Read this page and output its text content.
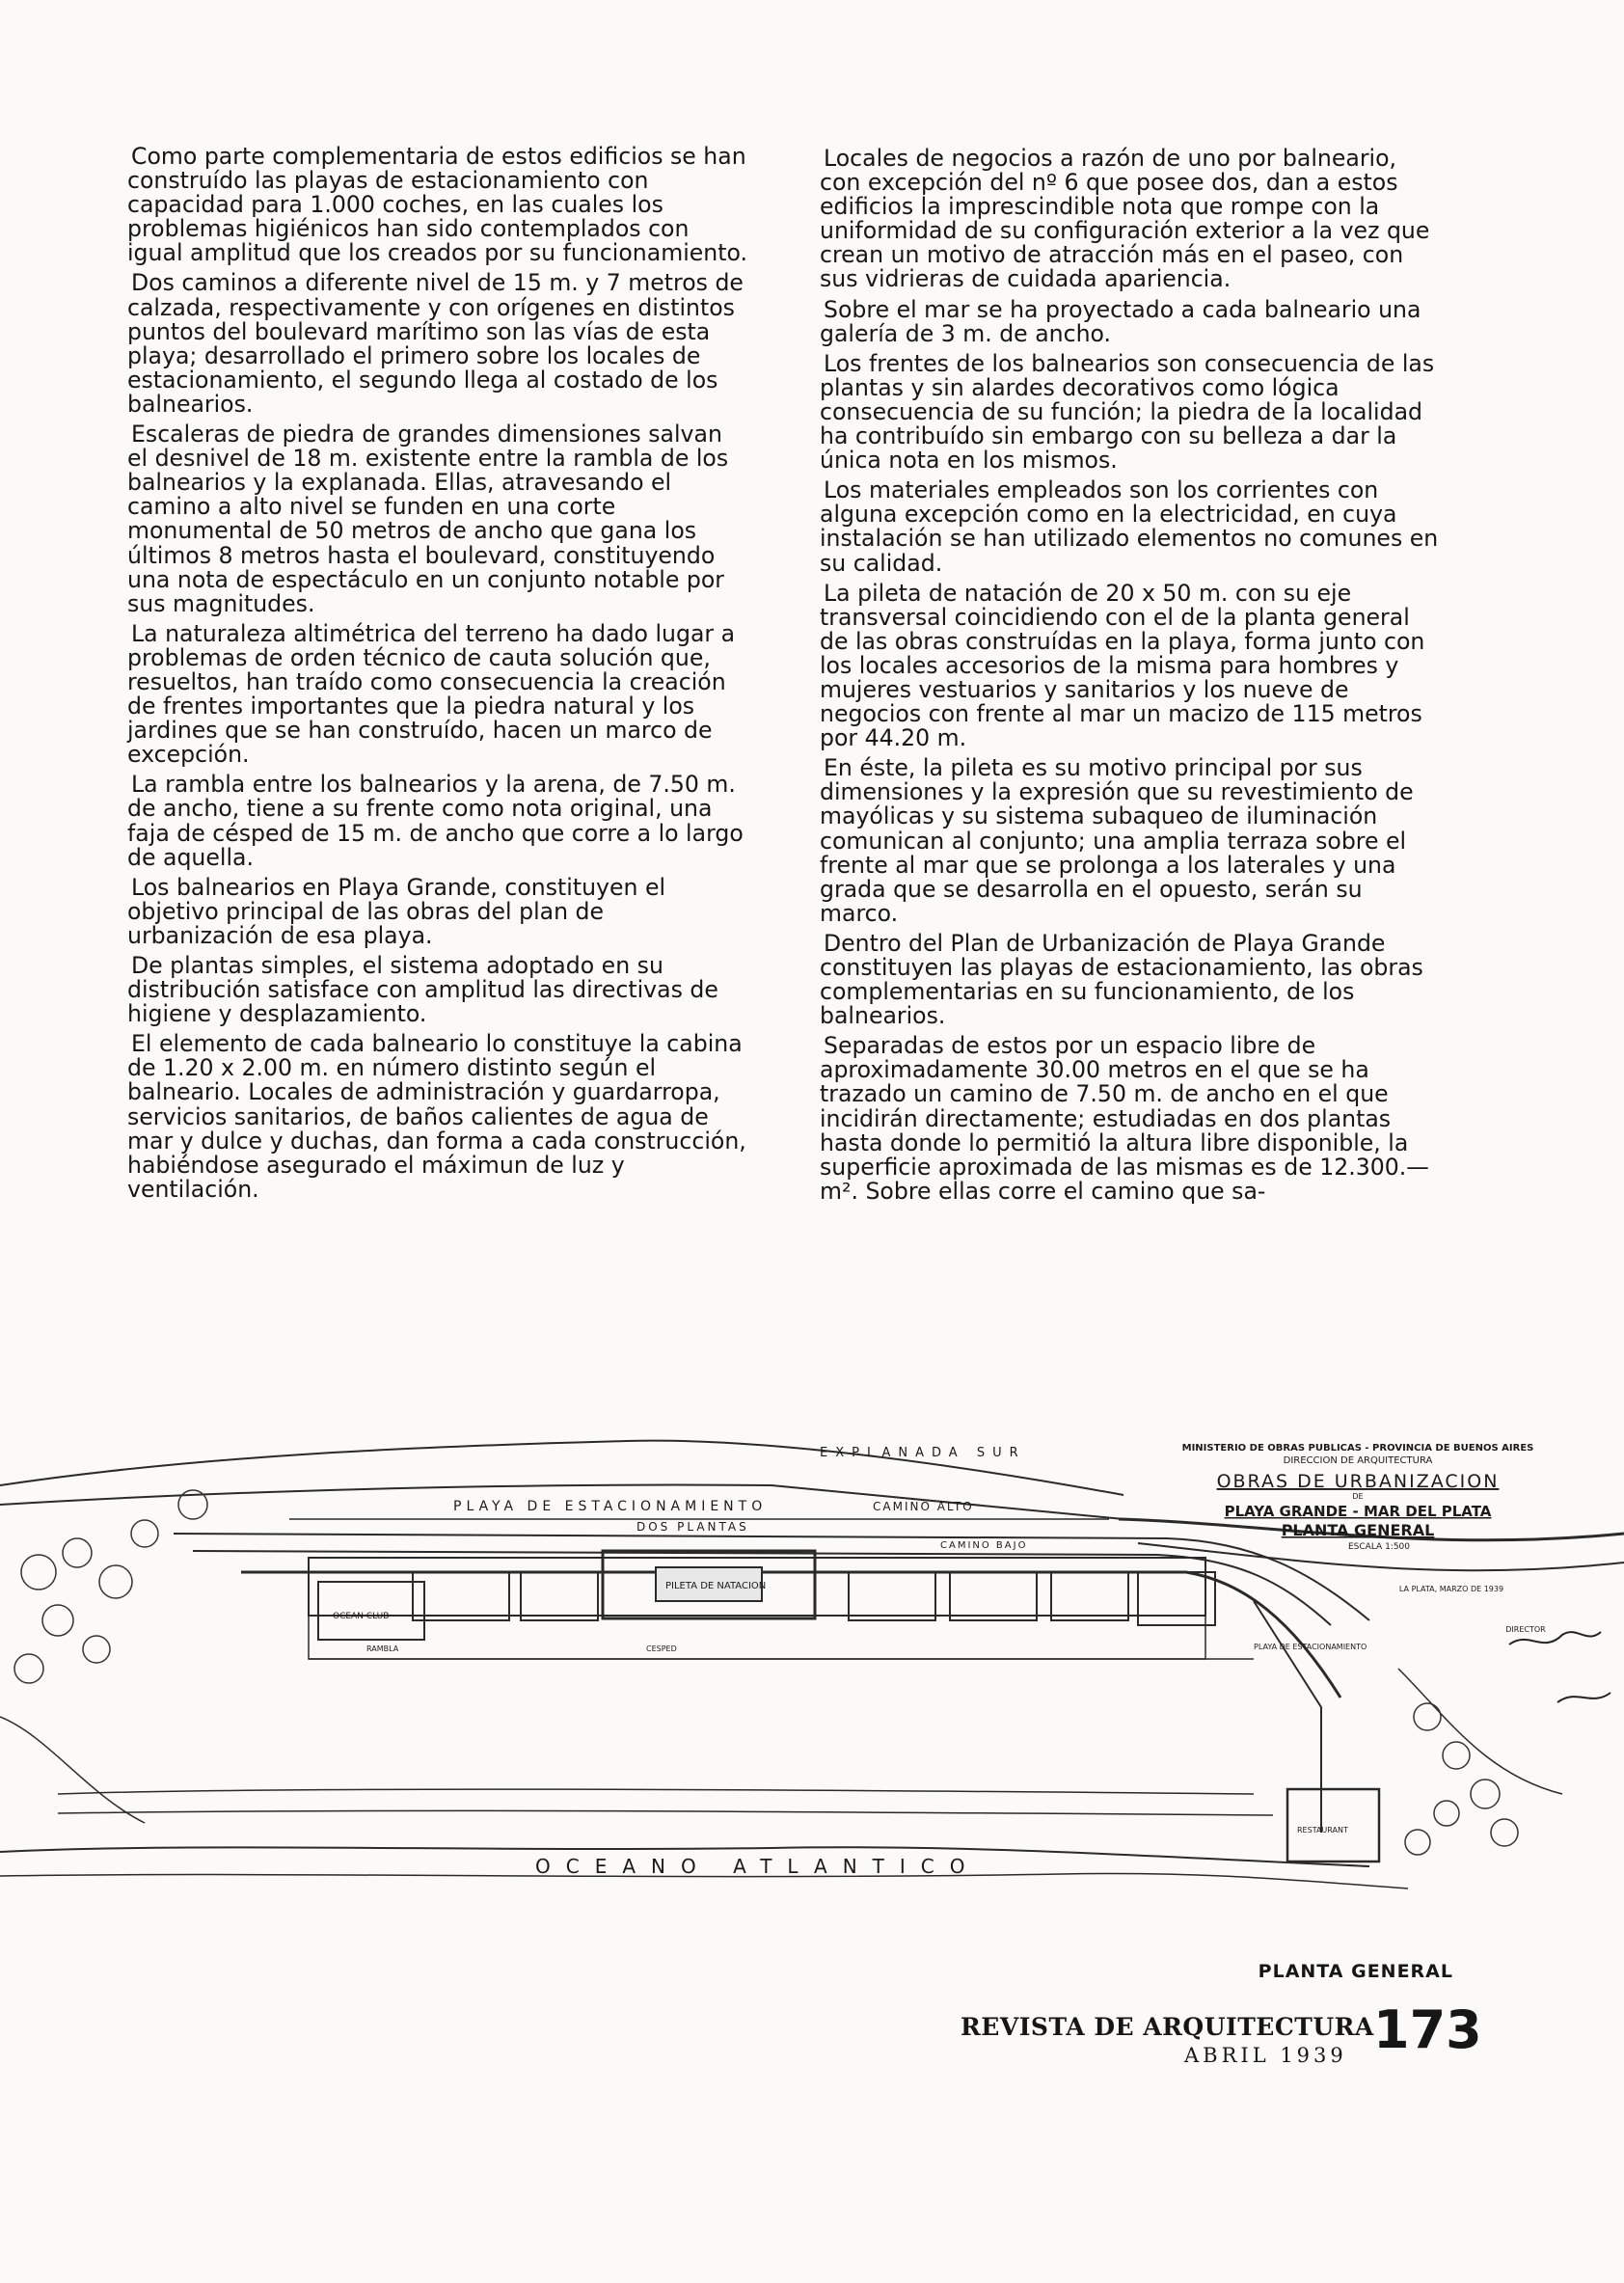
Como parte complementaria de estos edificios se han construído las playas de estacionamiento con capacidad para 1.000 coches, en las cuales los problemas higiénicos han sido contemplados con igual amplitud que los creados por su funcionamiento.

Dos caminos a diferente nivel de 15 m. y 7 metros de calzada, respectivamente y con orígenes en distintos puntos del boulevard marítimo son las vías de esta playa; desarrollado el primero sobre los locales de estacionamiento, el segundo llega al costado de los balnearios.

Escaleras de piedra de grandes dimensiones salvan el desnivel de 18 m. existente entre la rambla de los balnearios y la explanada. Ellas, atravesando el camino a alto nivel se funden en una corte monumental de 50 metros de ancho que gana los últimos 8 metros hasta el boulevard, constituyendo una nota de espectáculo en un conjunto notable por sus magnitudes.

La naturaleza altimétrica del terreno ha dado lugar a problemas de orden técnico de cauta solución que, resueltos, han traído como consecuencia la creación de frentes importantes que la piedra natural y los jardines que se han construído, hacen un marco de excepción.

La rambla entre los balnearios y la arena, de 7.50 m. de ancho, tiene a su frente como nota original, una faja de césped de 15 m. de ancho que corre a lo largo de aquella.

Los balnearios en Playa Grande, constituyen el objetivo principal de las obras del plan de urbanización de esa playa.

De plantas simples, el sistema adoptado en su distribución satisface con amplitud las directivas de higiene y desplazamiento.

El elemento de cada balneario lo constituye la cabina de 1.20 x 2.00 m. en número distinto según el balneario. Locales de administración y guardarropa, servicios sanitarios, de baños calientes de agua de mar y dulce y duchas, dan forma a cada construcción, habiéndose asegurado el máximun de luz y ventilación.

Locales de negocios a razón de uno por balneario, con excepción del nº 6 que posee dos, dan a estos edificios la imprescindible nota que rompe con la uniformidad de su configuración exterior a la vez que crean un motivo de atracción más en el paseo, con sus vidrieras de cuidada apariencia.

Sobre el mar se ha proyectado a cada balneario una galería de 3 m. de ancho.

Los frentes de los balnearios son consecuencia de las plantas y sin alardes decorativos como lógica consecuencia de su función; la piedra de la localidad ha contribuído sin embargo con su belleza a dar la única nota en los mismos.

Los materiales empleados son los corrientes con alguna excepción como en la electricidad, en cuya instalación se han utilizado elementos no comunes en su calidad.

La pileta de natación de 20 x 50 m. con su eje transversal coincidiendo con el de la planta general de las obras construídas en la playa, forma junto con los locales accesorios de la misma para hombres y mujeres vestuarios y sanitarios y los nueve de negocios con frente al mar un macizo de 115 metros por 44.20 m.

En éste, la pileta es su motivo principal por sus dimensiones y la expresión que su revestimiento de mayólicas y su sistema subaqueo de iluminación comunican al conjunto; una amplia terraza sobre el frente al mar que se prolonga a los laterales y una grada que se desarrolla en el opuesto, serán su marco.

Dentro del Plan de Urbanización de Playa Grande constituyen las playas de estacionamiento, las obras complementarias en su funcionamiento, de los balnearios.

Separadas de estos por un espacio libre de aproximadamente 30.00 metros en el que se ha trazado un camino de 7.50 m. de ancho en el que incidirán directamente; estudiadas en dos plantas hasta donde lo permitió la altura libre disponible, la superficie aproximada de las mismas es de 12.300.— m². Sobre ellas corre el camino que sa-

EXPLANADA SUR
PLAYA DE ESTACIONAMIENTO	CAMINO ALTO
DOS PLANTAS
CAMINO BAJO
PILETA DE NATACION
OCEAN CLUB
RAMBLA	CESPED	PLAYA DE ESTACIONAMIENTO
RESTAURANT
OCEANO ATLANTICO
MINISTERIO DE OBRAS PUBLICAS - PROVINCIA DE BUENOS AIRES
DIRECCION DE ARQUITECTURA
OBRAS DE URBANIZACION
DE
PLAYA GRANDE - MAR DEL PLATA
PLANTA GENERAL
ESCALA 1:500
LA PLATA, MARZO DE 1939
DIRECTOR
PLANTA GENERAL
REVISTA DE ARQUITECTURA
ABRIL 1939 173
